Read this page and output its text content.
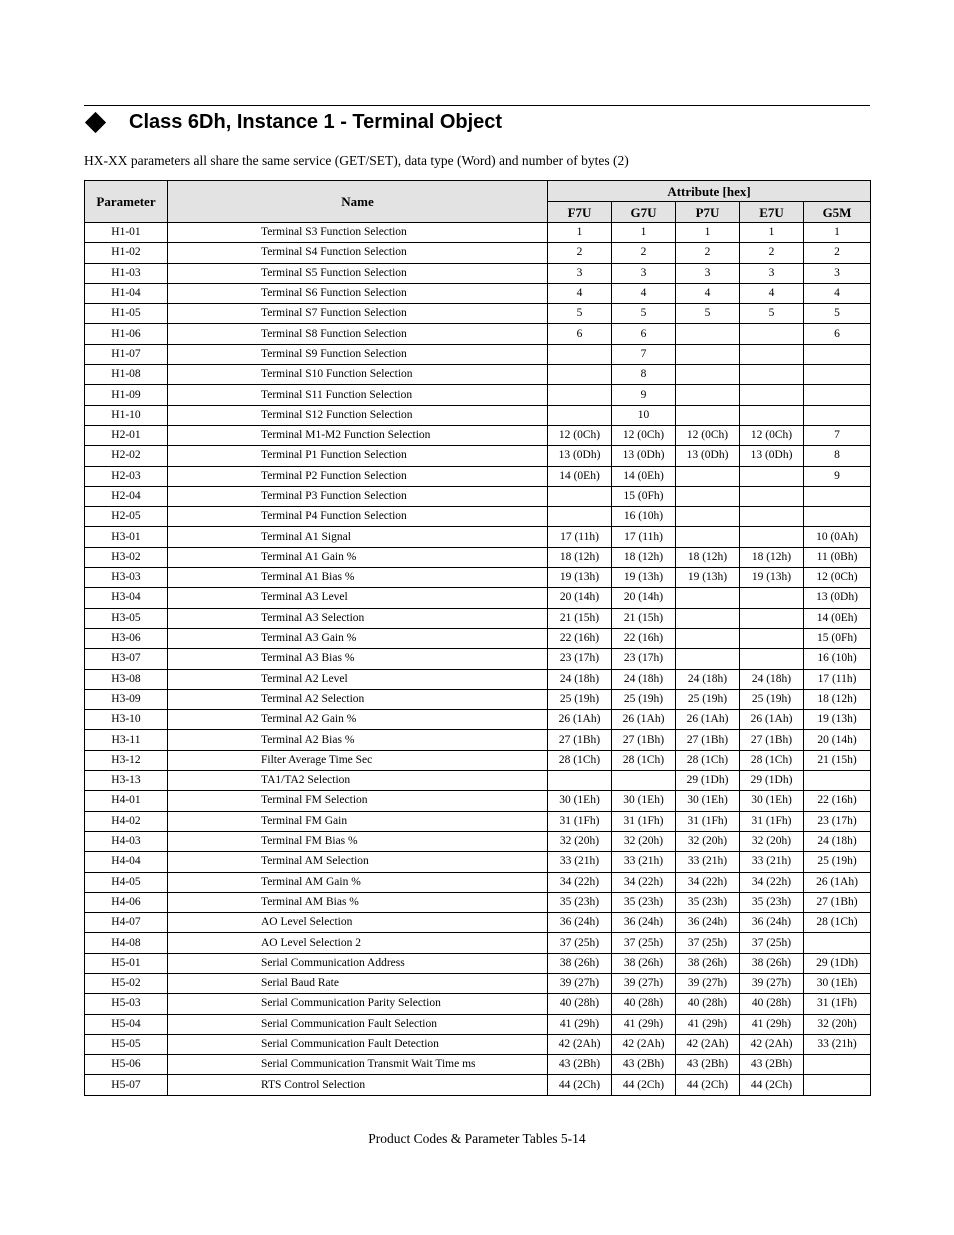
Class 6Dh, Instance 1 - Terminal Object
HX-XX parameters all share the same service (GET/SET), data type (Word) and number of bytes (2)
Parameter	Name	Attribute [hex]				
		F7U	G7U	P7U	E7U	G5M
H1-01	Terminal S3 Function Selection	1	1	1	1	1
H1-02	Terminal S4 Function Selection	2	2	2	2	2
H1-03	Terminal S5 Function Selection	3	3	3	3	3
H1-04	Terminal S6 Function Selection	4	4	4	4	4
H1-05	Terminal S7 Function Selection	5	5	5	5	5
H1-06	Terminal S8 Function Selection	6	6			6
H1-07	Terminal S9 Function Selection		7			
H1-08	Terminal S10 Function Selection		8			
H1-09	Terminal S11 Function Selection		9			
H1-10	Terminal S12 Function Selection		10			
H2-01	Terminal M1-M2 Function Selection	12 (0Ch)	12 (0Ch)	12 (0Ch)	12 (0Ch)	7
H2-02	Terminal P1 Function Selection	13 (0Dh)	13 (0Dh)	13 (0Dh)	13 (0Dh)	8
H2-03	Terminal P2 Function Selection	14 (0Eh)	14 (0Eh)			9
H2-04	Terminal P3 Function Selection		15 (0Fh)			
H2-05	Terminal P4 Function Selection		16 (10h)			
H3-01	Terminal A1 Signal	17 (11h)	17 (11h)			10 (0Ah)
H3-02	Terminal A1 Gain %	18 (12h)	18 (12h)	18 (12h)	18 (12h)	11 (0Bh)
H3-03	Terminal A1 Bias %	19 (13h)	19 (13h)	19 (13h)	19 (13h)	12 (0Ch)
H3-04	Terminal A3 Level	20 (14h)	20 (14h)			13 (0Dh)
H3-05	Terminal A3 Selection	21 (15h)	21 (15h)			14 (0Eh)
H3-06	Terminal A3 Gain %	22 (16h)	22 (16h)			15 (0Fh)
H3-07	Terminal A3 Bias %	23 (17h)	23 (17h)			16 (10h)
H3-08	Terminal A2 Level	24 (18h)	24 (18h)	24 (18h)	24 (18h)	17 (11h)
H3-09	Terminal A2 Selection	25 (19h)	25 (19h)	25 (19h)	25 (19h)	18 (12h)
H3-10	Terminal A2 Gain %	26 (1Ah)	26 (1Ah)	26 (1Ah)	26 (1Ah)	19 (13h)
H3-11	Terminal A2 Bias %	27 (1Bh)	27 (1Bh)	27 (1Bh)	27 (1Bh)	20 (14h)
H3-12	Filter Average Time Sec	28 (1Ch)	28 (1Ch)	28 (1Ch)	28 (1Ch)	21 (15h)
H3-13	TA1/TA2 Selection			29 (1Dh)	29 (1Dh)	
H4-01	Terminal FM Selection	30 (1Eh)	30 (1Eh)	30 (1Eh)	30 (1Eh)	22 (16h)
H4-02	Terminal FM Gain	31 (1Fh)	31 (1Fh)	31 (1Fh)	31 (1Fh)	23 (17h)
H4-03	Terminal FM Bias %	32 (20h)	32 (20h)	32 (20h)	32 (20h)	24 (18h)
H4-04	Terminal AM Selection	33 (21h)	33 (21h)	33 (21h)	33 (21h)	25 (19h)
H4-05	Terminal AM Gain %	34 (22h)	34 (22h)	34 (22h)	34 (22h)	26 (1Ah)
H4-06	Terminal AM Bias %	35 (23h)	35 (23h)	35 (23h)	35 (23h)	27 (1Bh)
H4-07	AO Level Selection	36 (24h)	36 (24h)	36 (24h)	36 (24h)	28 (1Ch)
H4-08	AO Level Selection 2	37 (25h)	37 (25h)	37 (25h)	37 (25h)	
H5-01	Serial Communication Address	38 (26h)	38 (26h)	38 (26h)	38 (26h)	29 (1Dh)
H5-02	Serial Baud Rate	39 (27h)	39 (27h)	39 (27h)	39 (27h)	30 (1Eh)
H5-03	Serial Communication Parity Selection	40 (28h)	40 (28h)	40 (28h)	40 (28h)	31 (1Fh)
H5-04	Serial Communication Fault Selection	41 (29h)	41 (29h)	41 (29h)	41 (29h)	32 (20h)
H5-05	Serial Communication Fault Detection	42 (2Ah)	42 (2Ah)	42 (2Ah)	42 (2Ah)	33 (21h)
H5-06	Serial Communication Transmit Wait Time ms	43 (2Bh)	43 (2Bh)	43 (2Bh)	43 (2Bh)	
H5-07	RTS Control Selection	44 (2Ch)	44 (2Ch)	44 (2Ch)	44 (2Ch)	
Product Codes & Parameter Tables 5-14
